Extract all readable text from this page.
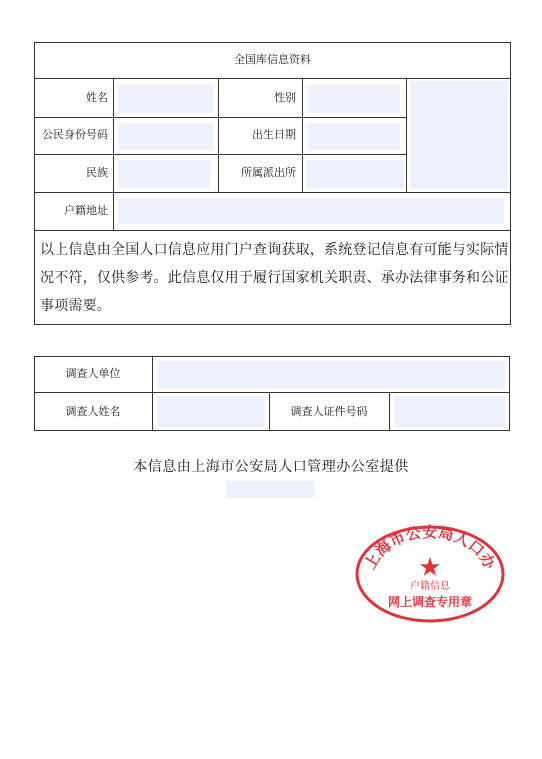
全国库信息资料
姓名	性别
公民身份号码	出生日期
民族	所属派出所
户籍地址
以上信息由全国人口信息应用门户查询获取，系统登记信息有可能与实际情况不符，仅供参考。此信息仅用于履行国家机关职责、承办法律事务和公证事项需要。
调查人单位
调查人姓名	调查人证件号码
本信息由上海市公安局人口管理办公室提供
上海市公安局人口办
户籍信息
网上调查专用章
